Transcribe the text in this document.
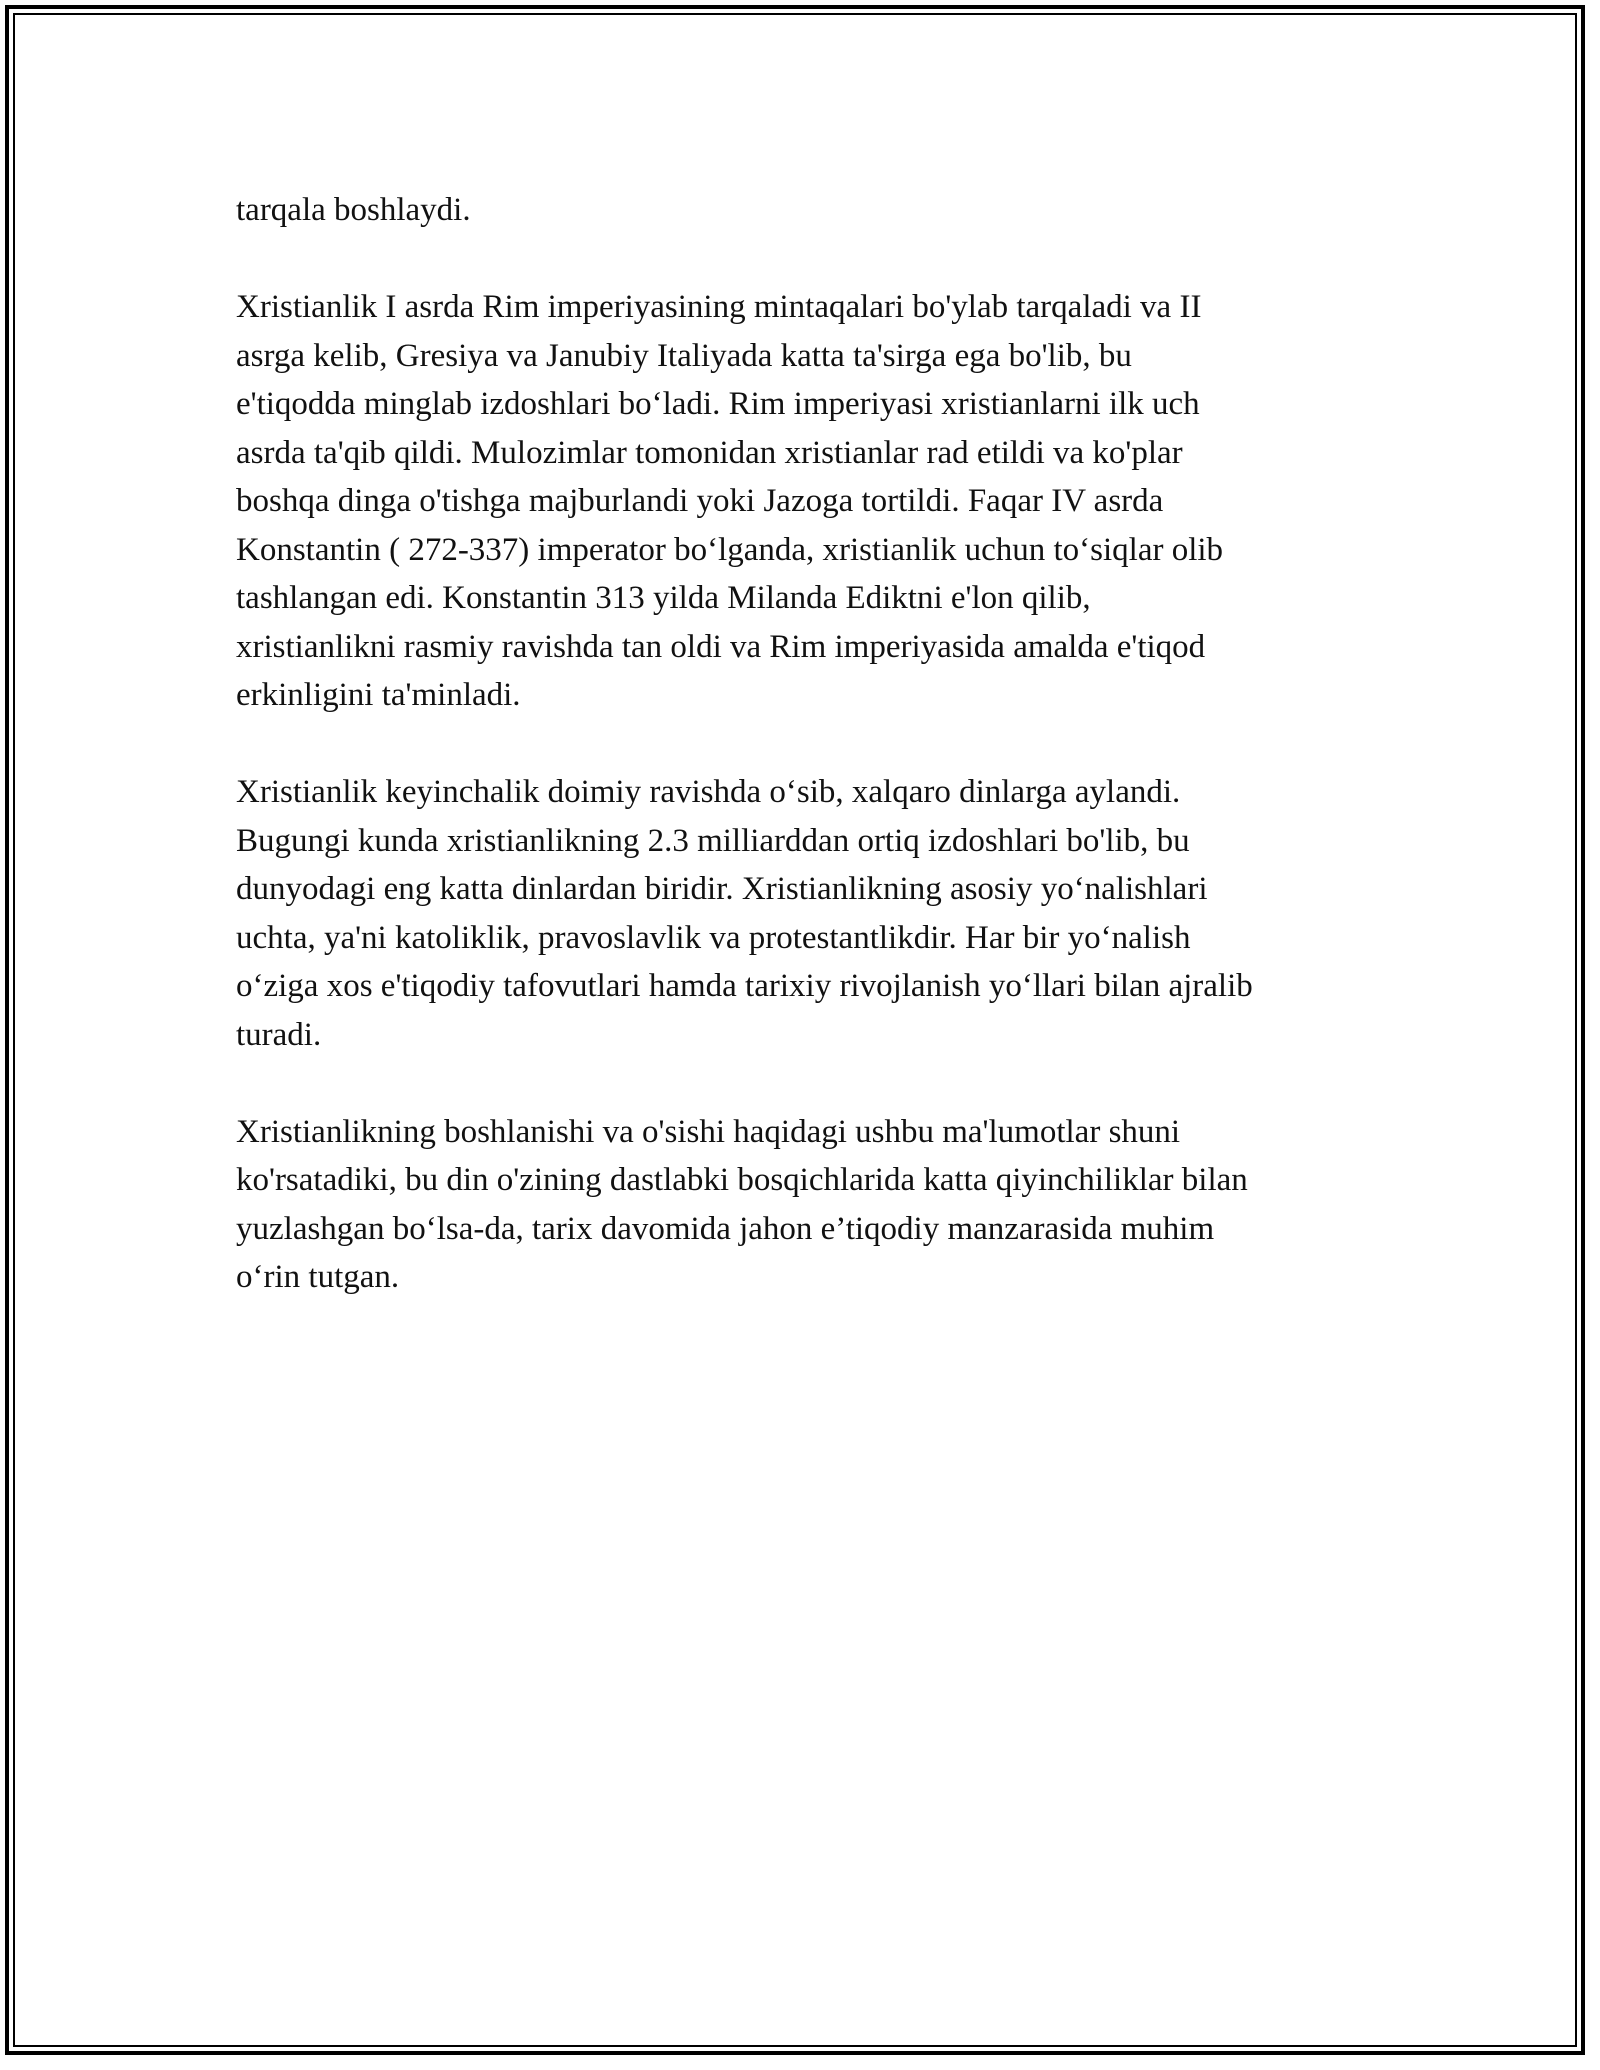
tarqala boshlaydi.

Xristianlik I asrda Rim imperiyasining mintaqalari bo'ylab tarqaladi va II
asrga kelib, Gresiya va Janubiy Italiyada katta ta'sirga ega bo'lib, bu
e'tiqodda minglab izdoshlari bo‘ladi. Rim imperiyasi xristianlarni ilk uch
asrda ta'qib qildi. Mulozimlar tomonidan xristianlar rad etildi va ko'plar
boshqa dinga o'tishga majburlandi yoki Jazoga tortildi. Faqar IV asrda
Konstantin ( 272-337) imperator bo‘lganda, xristianlik uchun to‘siqlar olib
tashlangan edi. Konstantin 313 yilda Milanda Ediktni e'lon qilib,
xristianlikni rasmiy ravishda tan oldi va Rim imperiyasida amalda e'tiqod
erkinligini ta'minladi.

Xristianlik keyinchalik doimiy ravishda o‘sib, xalqaro dinlarga aylandi.
Bugungi kunda xristianlikning 2.3 milliarddan ortiq izdoshlari bo'lib, bu
dunyodagi eng katta dinlardan biridir. Xristianlikning asosiy yo‘nalishlari
uchta, ya'ni katoliklik, pravoslavlik va protestantlikdir. Har bir yo‘nalish
o‘ziga xos e'tiqodiy tafovutlari hamda tarixiy rivojlanish yo‘llari bilan ajralib
turadi.

Xristianlikning boshlanishi va o'sishi haqidagi ushbu ma'lumotlar shuni
ko'rsatadiki, bu din o'zining dastlabki bosqichlarida katta qiyinchiliklar bilan
yuzlashgan bo‘lsa-da, tarix davomida jahon e’tiqodiy manzarasida muhim
o‘rin tutgan.
